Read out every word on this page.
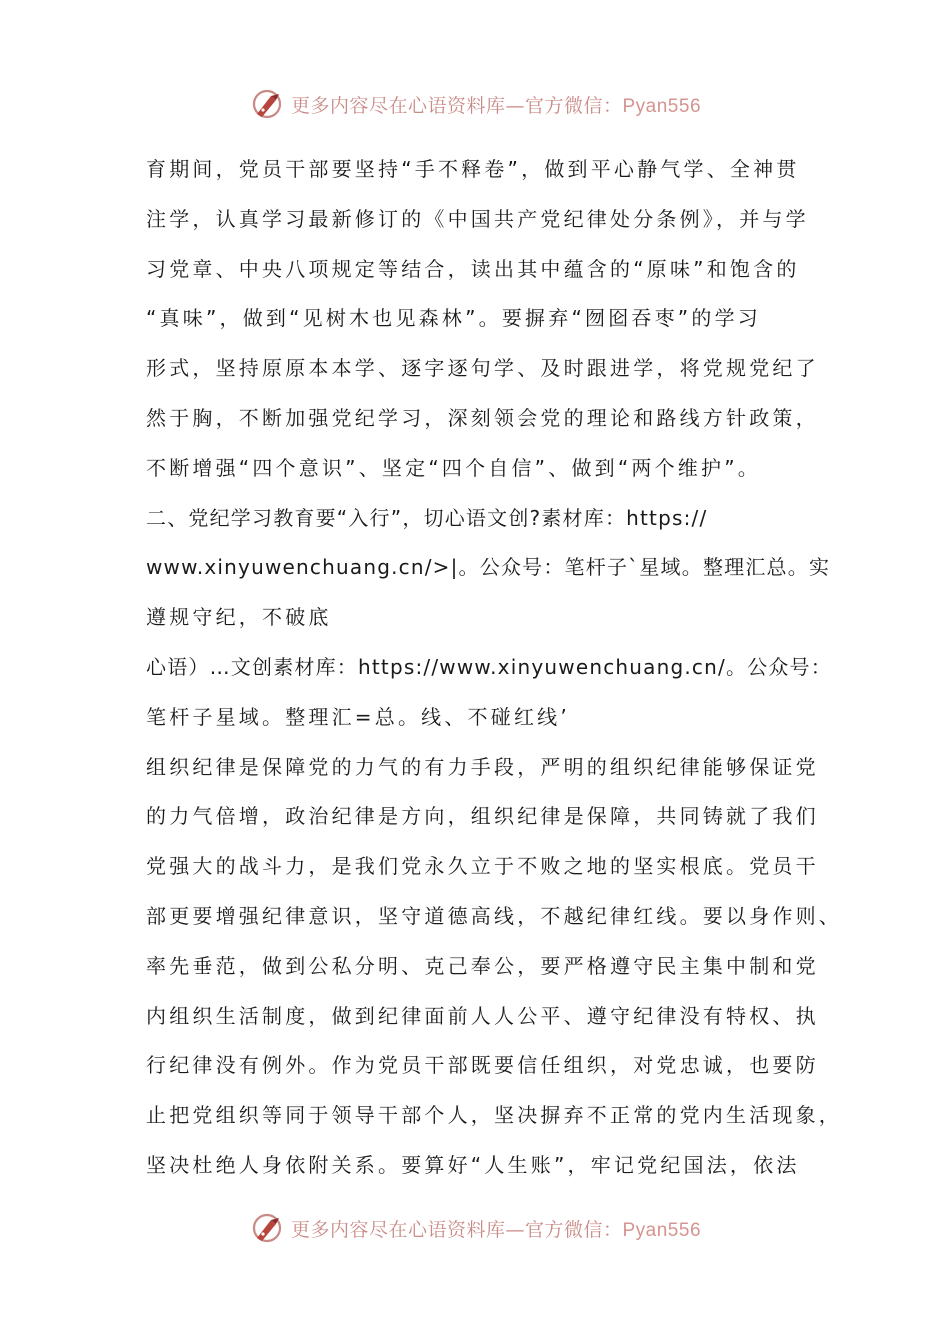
更多内容尽在心语资料库—官方微信：Pyan556
育期间，党员干部要坚持“手不释卷”，做到平心静气学、全神贯
注学，认真学习最新修订的《中国共产党纪律处分条例》，并与学
习党章、中央八项规定等结合，读出其中蕴含的“原味”和饱含的
“真味”，做到“见树木也见森林”。要摒弃“囫囵吞枣”的学习
形式，坚持原原本本学、逐字逐句学、及时跟进学，将党规党纪了
然于胸，不断加强党纪学习，深刻领会党的理论和路线方针政策，
不断增强“四个意识”、坚定“四个自信”、做到“两个维护”。
二、党纪学习教育要“入行”，切心语文创?素材库：https://
www.xinyuwenchuang.cn/>|。公众号：笔杆子`星域。整理汇总。实
遵规守纪，不破底
心语）…文创素材库：https://www.xinyuwenchuang.cn/。公众号：
笔杆子星域。整理汇=总。线、不碰红线’
组织纪律是保障党的力气的有力手段，严明的组织纪律能够保证党
的力气倍增，政治纪律是方向，组织纪律是保障，共同铸就了我们
党强大的战斗力，是我们党永久立于不败之地的坚实根底。党员干
部更要增强纪律意识，坚守道德高线，不越纪律红线。要以身作则、
率先垂范，做到公私分明、克己奉公，要严格遵守民主集中制和党
内组织生活制度，做到纪律面前人人公平、遵守纪律没有特权、执
行纪律没有例外。作为党员干部既要信任组织，对党忠诚，也要防
止把党组织等同于领导干部个人，坚决摒弃不正常的党内生活现象，
坚决杜绝人身依附关系。要算好“人生账”，牢记党纪国法，依法
更多内容尽在心语资料库—官方微信：Pyan556
